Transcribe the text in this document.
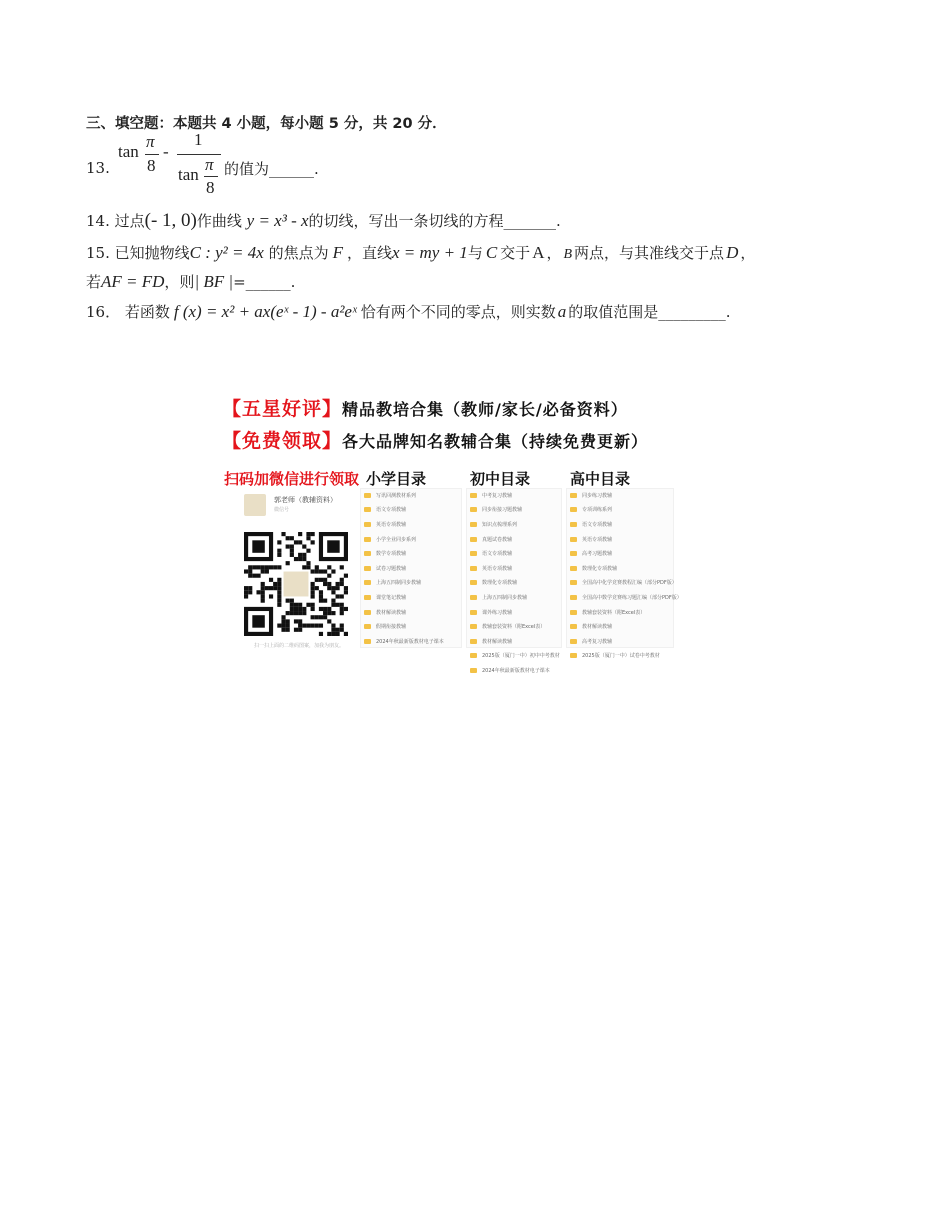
三、填空题：本题共 4 小题，每小题 5 分，共 20 分．
13.
tan
π
8
-
1
tan
π
8
的值为______.
14. 过点(- 1, 0)作曲线 y = x³ - x的切线，写出一条切线的方程_______.
15. 已知抛物线C : y² = 4x 的焦点为 F ，直线x = my + 1与 C 交于 A ， B 两点，与其准线交于点 D ，
若AF = FD，则| BF |=______.
16． 若函数 f (x) = x² + ax(eˣ - 1) - a²eˣ 恰有两个不同的零点，则实数 a 的取值范围是_________.
【五星好评】精品教培合集（教师/家长/必备资料）
【免费领取】各大品牌知名教辅合集（持续免费更新）
扫码加微信进行领取
郭老师（教辅资料）
微信号
扫一扫上面的二维码图案，加我为朋友。
小学目录	初中目录	高中目录
写讯回测教材系列
语文专项教辅
英语专项教辅
小学全业同步系列
数学专项教辅
试卷习题教辅
上海五四制同步教辅
课堂笔记教辅
教材解读教辅
假期衔接教辅
2024年秋最新版教材电子课本
中考复习教辅
同步衔接习题教辅
知识点梳理系列
真题试卷教辅
语文专项教辅
英语专项教辅
数理化专项教辅
上海五四制同步教辅
课外练习教辅
教辅套装资料（附Excel表）
教材解读教辅
2025版（厦门一中）初中中考教材
2024年秋最新版教材电子课本
同步练习教辅
专项训练系列
语文专项教辅
英语专项教辅
高考习题教辅
数理化专项教辅
全国高中化学竞赛教程汇编（部分PDF版）
全国高中数学竞赛练习题汇编（部分PDF版）
教辅套装资料（附Excel表）
教材解读教辅
高考复习教辅
2025版（厦门一中）试卷中考教材
